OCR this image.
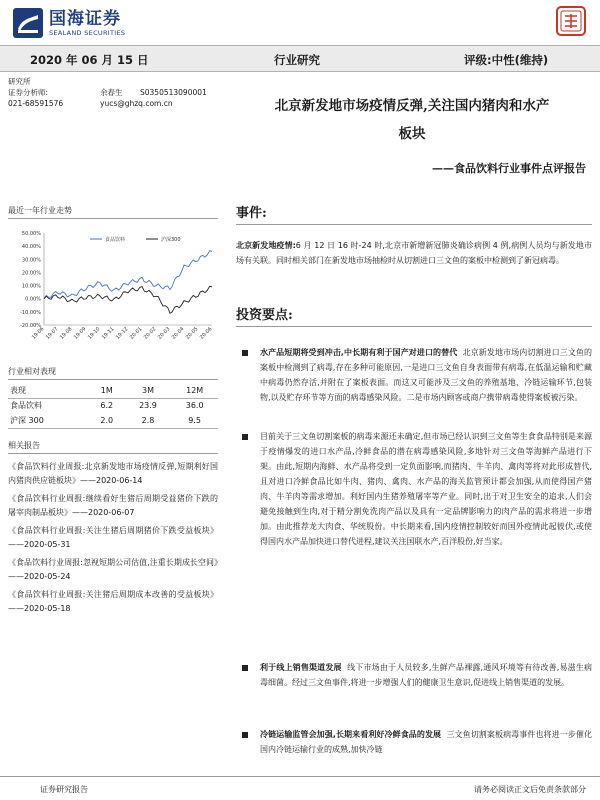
国海证券
SEALAND SECURITIES
2020 年 06 月 15 日	行业研究	评级:中性(维持)
研究所
证券分析师:
021-68591576
余春生 S0350513090001
yucs@ghzq.com.cn
最近一年行业走势
-20.00%
-10.00%
0.00%
10.00%
20.00%
30.00%
40.00%
50.00%
19-06 19-07 19-08 19-09 19-10 19-11 19-12 20-01 20-02 20-03 20-04 20-05 20-06
食品饮料	沪深300
行业相对表现
表现	1M	3M	12M
食品饮料	6.2	23.9	36.0
沪深 300	2.0	2.8	9.5
相关报告
《食品饮料行业周报:北京新发地市场疫情反弹,短期利好国内猪肉供应链板块》——2020-06-14
《食品饮料行业周报:继续看好生猪后周期受益猪价下跌的屠宰肉制品板块》——2020-06-07
《食品饮料行业周报:关注生猪后周期猪价下跌受益板块》——2020-05-31
《食品饮料行业周报:忽视短期公司估值,注重长期成长空间》——2020-05-24
《食品饮料行业周报:关注猪后周期成本改善的受益板块》——2020-05-18
北京新发地市场疫情反弹,关注国内猪肉和水产
板块
——食品饮料行业事件点评报告
事件:
北京新发地疫情:6 月 12 日 16 时-24 时,北京市新增新冠肺炎确诊病例 4 例,病例人员均与新发地市场有关联。同时相关部门在新发地市场抽检时从切割进口三文鱼的案板中检测到了新冠病毒。
投资要点:
水产品短期将受到冲击,中长期有利于国产对进口的替代 北京新发地市场内切割进口三文鱼的案板中检测到了病毒,存在多种可能原因,一是进口三文鱼自身表面带有病毒,在低温运输和贮藏中病毒仍然存活,并附在了案板表面。而这又可能涉及三文鱼的养殖基地、冷链运输环节,包装物,以及贮存环节等方面的病毒感染风险。二是市场内顾客或商户携带病毒使得案板被污染。
目前关于三文鱼切割案板的病毒来源还未确定,但市场已经认识到三文鱼等生食食品特别是来源于疫情爆发的进口水产品,冷鲜食品的潜在病毒感染风险,多地针对三文鱼等海鲜产品进行下架。由此,短期内海鲜、水产品将受到一定负面影响,而猪肉、牛羊肉、禽肉等将对此形成替代,且对进口冷鲜食品比如牛肉、猪肉、禽肉、水产品的海关监管预计都会加强,从而使得国产猪肉、牛羊肉等需求增加。利好国内生猪养殖屠宰等产业。同时,出于对卫生安全的追求,人们会避免接触到生肉,对于精分割免洗肉产品以及具有一定品牌影响力的肉产品的需求将进一步增加。由此推荐龙大肉食、华统股份。中长期来看,国内疫情控制较好而国外疫情此起彼伏,或使得国内水产品加快进口替代进程,建议关注国联水产,百洋股份,好当家。
利于线上销售渠道发展 线下市场由于人员较多,生鲜产品裸露,通风环境等有待改善,易滋生病毒细菌。经过三文鱼事件,将进一步增强人们的健康卫生意识,促进线上销售渠道的发展。
冷链运输监管会加强,长期来看利好冷鲜食品的发展 三文鱼切割案板病毒事件也将进一步催化国内冷链运输行业的成熟,加快冷链
证券研究报告	请务必阅读正文后免责条款部分
